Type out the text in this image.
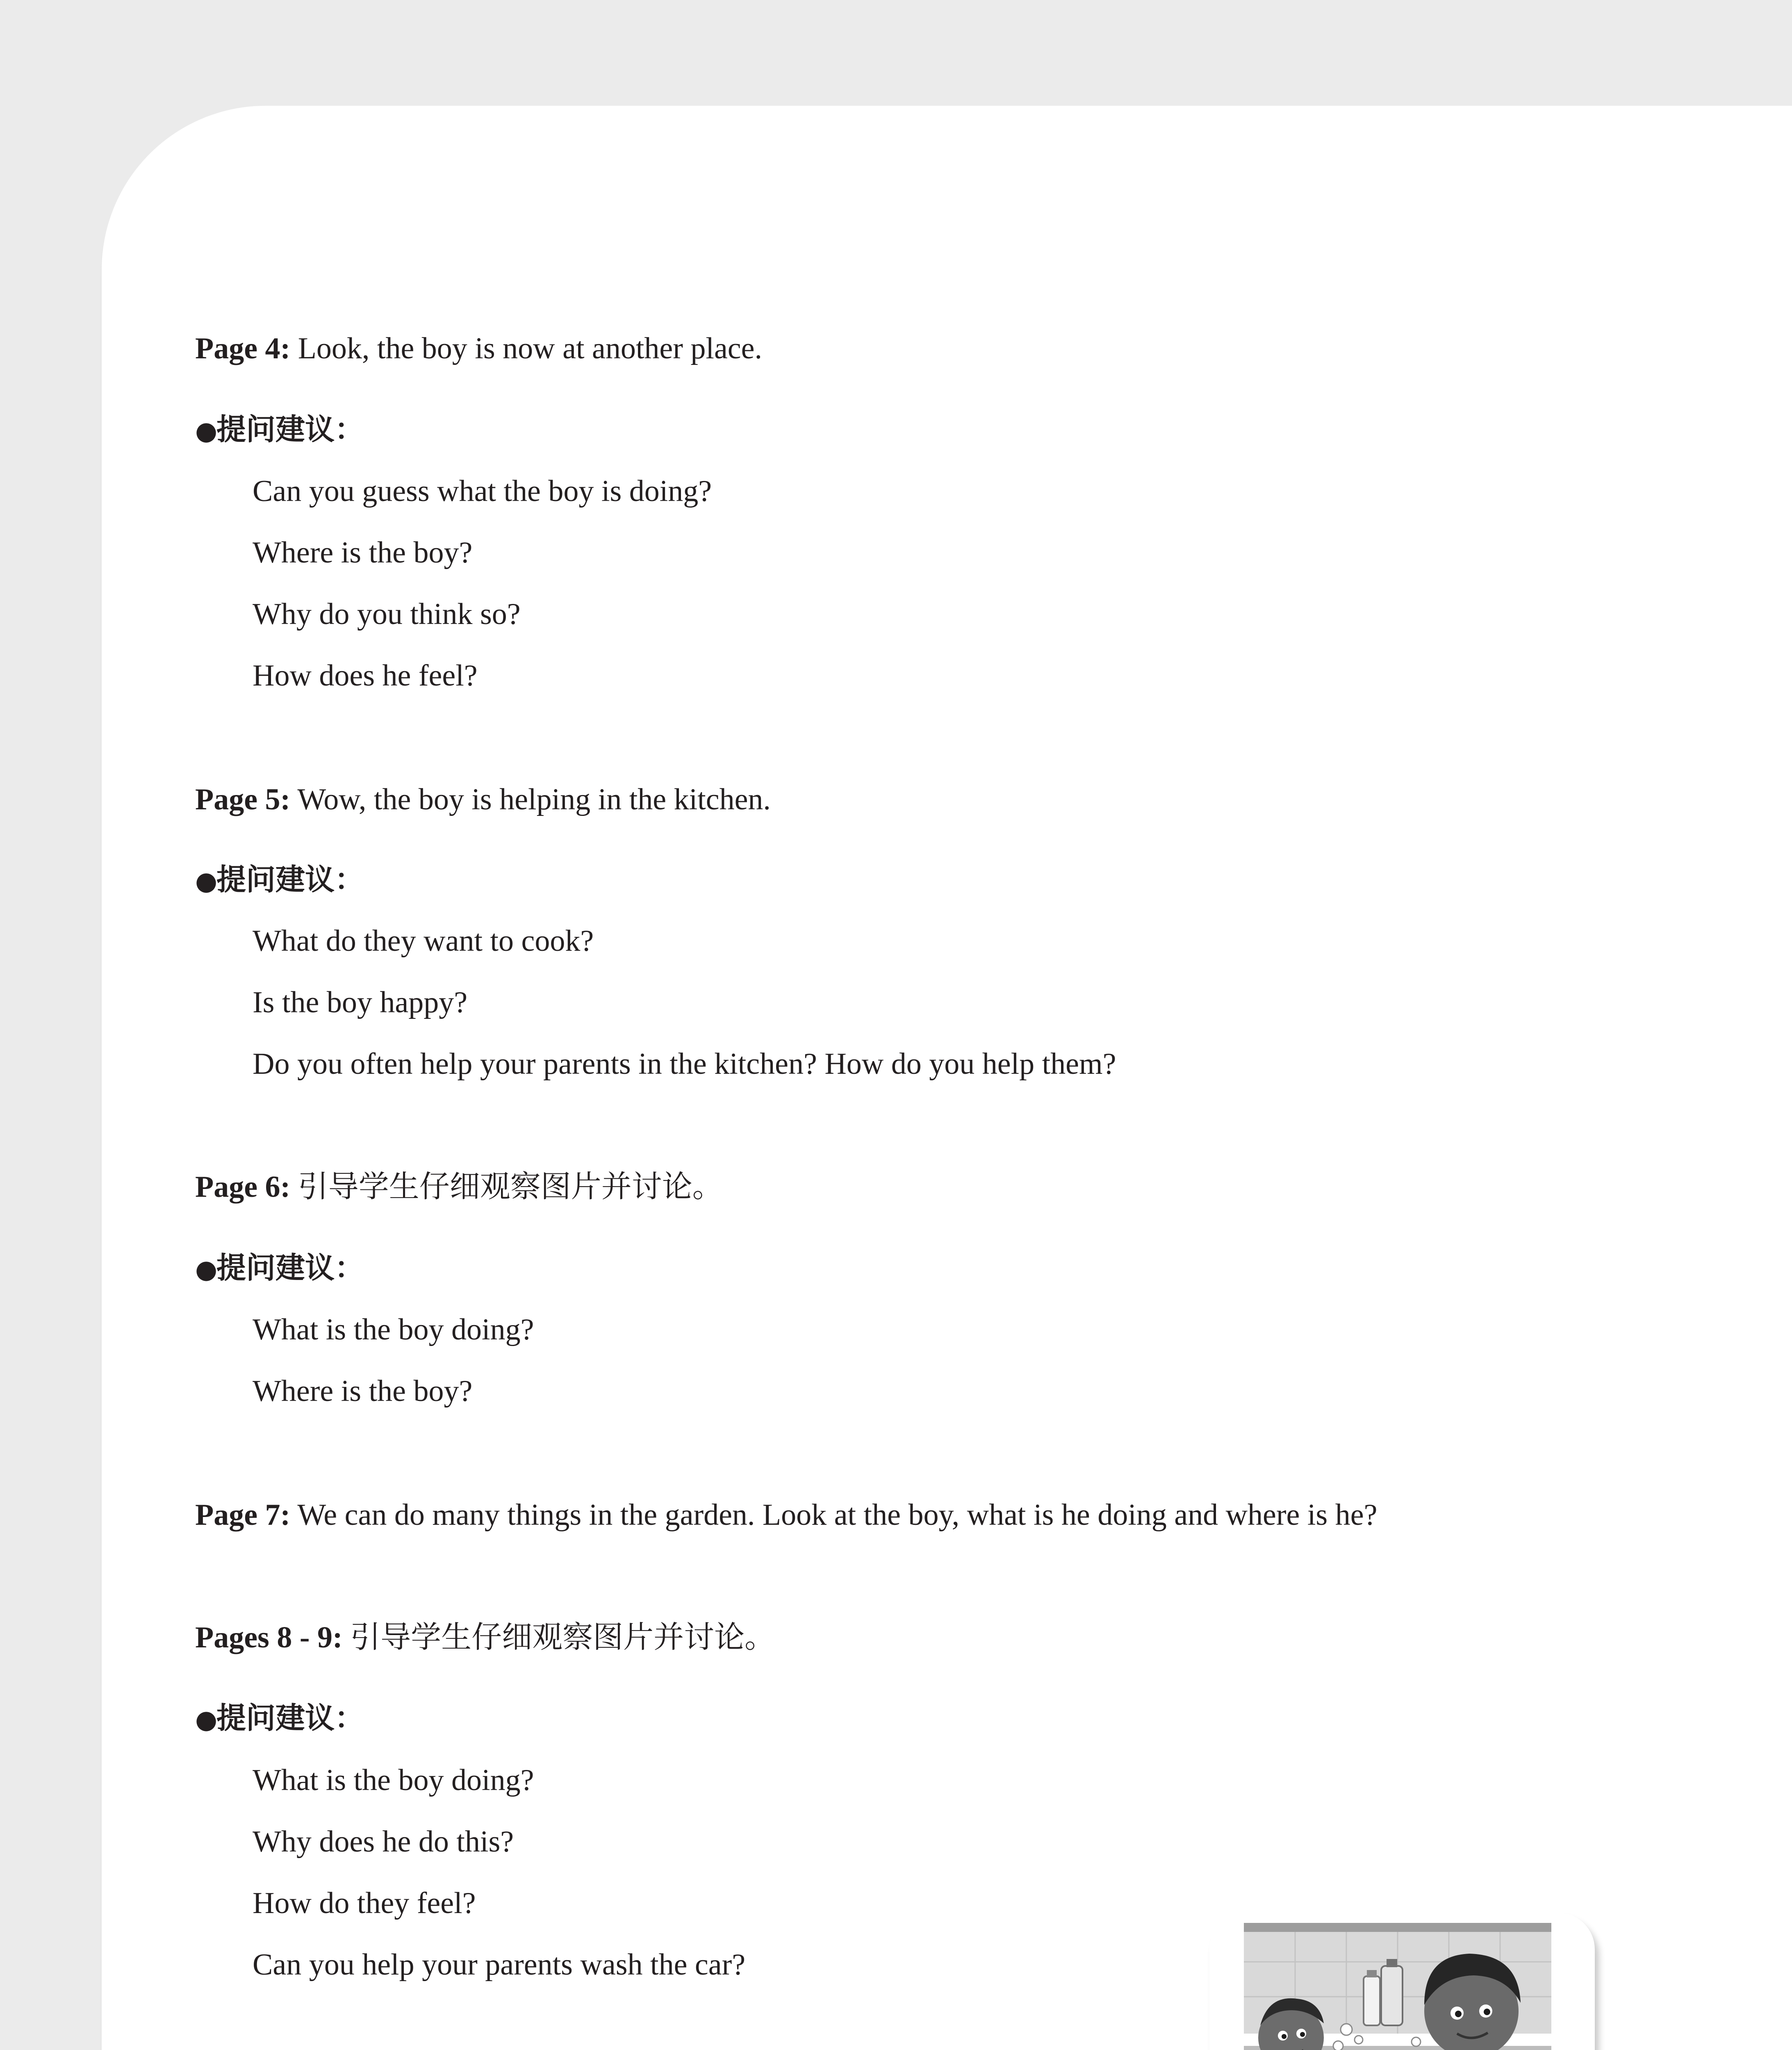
Page 4: Look, the boy is now at another place.

●提问建议：

Can you guess what the boy is doing?

Where is the boy?

Why do you think so?

How does he feel?

Page 5: Wow, the boy is helping in the kitchen.

●提问建议：

What do they want to cook?

Is the boy happy?

Do you often help your parents in the kitchen? How do you help them?

Page 6: 引导学生仔细观察图片并讨论。

●提问建议：

What is the boy doing?

Where is the boy?

Page 7: We can do many things in the garden. Look at the boy, what is he doing and where is he?

Pages 8 - 9: 引导学生仔细观察图片并讨论。

●提问建议：

What is the boy doing?

Why does he do this?

How do they feel?

Can you help your parents wash the car?
